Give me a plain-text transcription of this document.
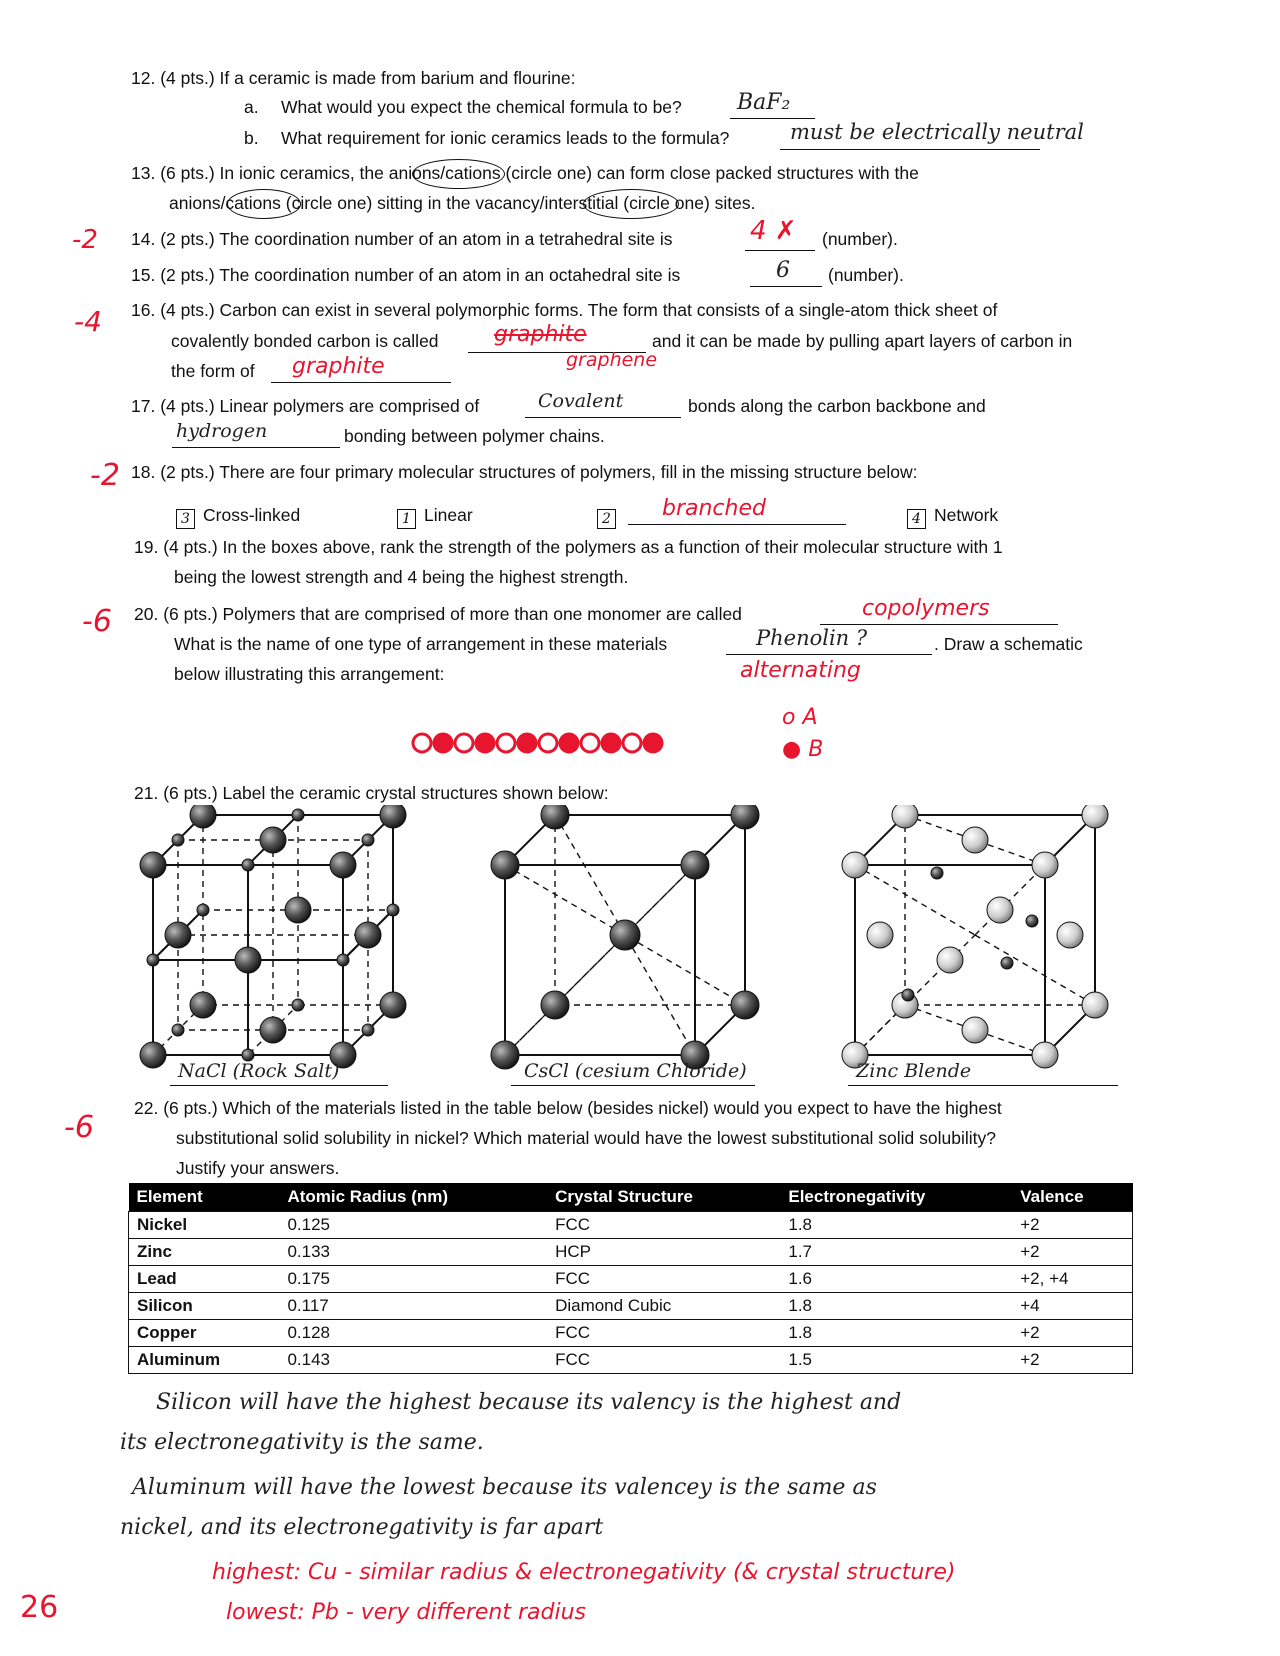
12. (4 pts.) If a ceramic is made from barium and flourine:
a. What would you expect the chemical formula to be?	BaF₂
b. What requirement for ionic ceramics leads to the formula?	must be electrically neutral
13. (6 pts.) In ionic ceramics, the anions/cations (circle one) can form close packed structures with the
anions/cations (circle one) sitting in the vacancy/interstitial (circle one) sites.
-2 14. (2 pts.) The coordination number of an atom in a tetrahedral site is	4 ✗ (number).
15. (2 pts.) The coordination number of an atom in an octahedral site is	6 (number).
-4 16. (4 pts.) Carbon can exist in several polymorphic forms. The form that consists of a single-atom thick sheet of
covalently bonded carbon is called	graphite	and it can be made by pulling apart layers of carbon in
the form of graphite	graphene
17. (4 pts.) Linear polymers are comprised of	Covalent	bonds along the carbon backbone and
hydrogen	bonding between polymer chains.
-2 18. (2 pts.) There are four primary molecular structures of polymers, fill in the missing structure below:
3 Cross-linked	1 Linear	2	branched	4 Network
19. (4 pts.) In the boxes above, rank the strength of the polymers as a function of their molecular structure with 1
being the lowest strength and 4 being the highest strength.
-6 20. (6 pts.) Polymers that are comprised of more than one monomer are called	copolymers
What is the name of one type of arrangement in these materials	Phenolin ?	. Draw a schematic
below illustrating this arrangement:	alternating
o A
● B
21. (6 pts.) Label the ceramic crystal structures shown below:
NaCl (Rock Salt)	CsCl (cesium Chloride)	Zinc Blende
-6
22. (6 pts.) Which of the materials listed in the table below (besides nickel) would you expect to have the highest
substitutional solid solubility in nickel? Which material would have the lowest substitutional solid solubility?
Justify your answers.
Element	Atomic Radius (nm)	Crystal Structure	Electronegativity	Valence
Nickel	0.125	FCC	1.8	+2
Zinc	0.133	HCP	1.7	+2
Lead	0.175	FCC	1.6	+2, +4
Silicon	0.117	Diamond Cubic	1.8	+4
Copper	0.128	FCC	1.8	+2
Aluminum	0.143	FCC	1.5	+2
Silicon will have the highest because its valency is the highest and
its electronegativity is the same.
Aluminum will have the lowest because its valencey is the same as
nickel, and its electronegativity is far apart
highest: Cu - similar radius & electronegativity (& crystal structure)
lowest: Pb - very different radius
26
